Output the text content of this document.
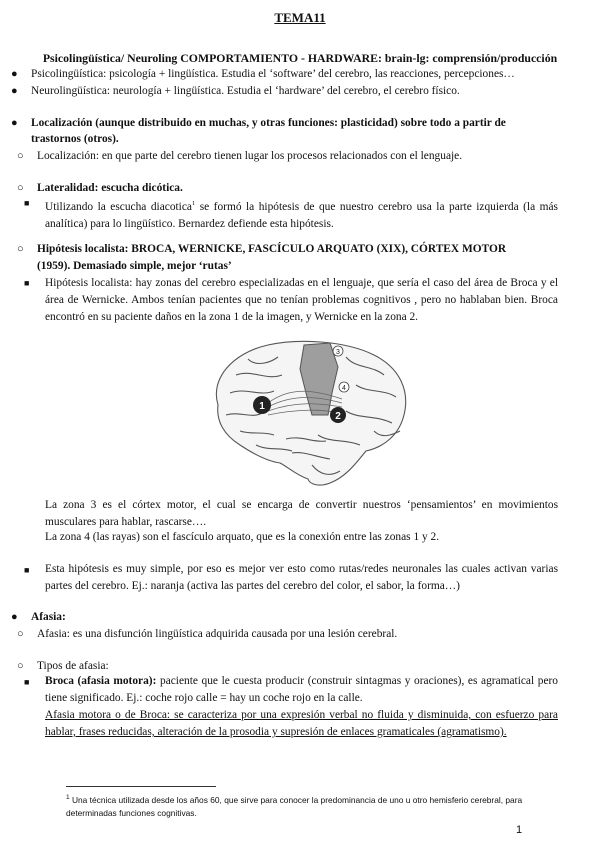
TEMA11
Psicolingüística/ Neuroling COMPORTAMIENTO - HARDWARE: brain-lg: comprensión/producción
● Psicolingüística: psicología + lingüística. Estudia el ‘software’ del cerebro, las reacciones, percepciones…
● Neurolingüística: neurología + lingüística. Estudia el ‘hardware’ del cerebro, el cerebro físico.
● Localización (aunque distribuido en muchas, y otras funciones: plasticidad) sobre todo a partir de
trastornos (otros).
○ Localización: en que parte del cerebro tienen lugar los procesos relacionados con el lenguaje.
○ Lateralidad: escucha dicótica.
■ Utilizando la escucha diacotica$^1$ se formó la hipótesis de que nuestro cerebro usa la parte izquierda (la más analítica) para lo lingüístico. Bernardez defiende esta hipótesis.
○ Hipótesis localista: BROCA, WERNICKE, FASCÍCULO ARQUATO (XIX), CÓRTEX MOTOR
(1959). Demasiado simple, mejor ‘rutas’
■ Hipótesis localista: hay zonas del cerebro especializadas en el lenguaje, que sería el caso del área de Broca y el área de Wernicke. Ambos tenían pacientes que no tenían problemas cognitivos , pero no hablaban bien. Broca encontró en su paciente daños en la zona 1 de la imagen, y Wernicke en la zona 2.
1
2
3
4
La zona 3 es el córtex motor, el cual se encarga de convertir nuestros ‘pensamientos’ en movimientos musculares para hablar, rascarse….
La zona 4 (las rayas) son el fascículo arquato, que es la conexión entre las zonas 1 y 2.
■ Esta hipótesis es muy simple, por eso es mejor ver esto como rutas/redes neuronales las cuales activan varias partes del cerebro. Ej.: naranja (activa las partes del cerebro del color, el sabor, la forma…)
● Afasia:
○ Afasia: es una disfunción lingüística adquirida causada por una lesión cerebral.
○ Tipos de afasia:
■ Broca (afasia motora): paciente que le cuesta producir (construir sintagmas y oraciones), es agramatical pero tiene significado. Ej.: coche rojo calle = hay un coche rojo en la calle.
Afasia motora o de Broca: se caracteriza por una expresión verbal no fluida y disminuida, con esfuerzo para hablar, frases reducidas, alteración de la prosodia y supresión de enlaces gramaticales (agramatismo).
$^1$ Una técnica utilizada desde los años 60, que sirve para conocer la predominancia de uno u otro hemisferio cerebral, para determinadas funciones cognitivas.
1
